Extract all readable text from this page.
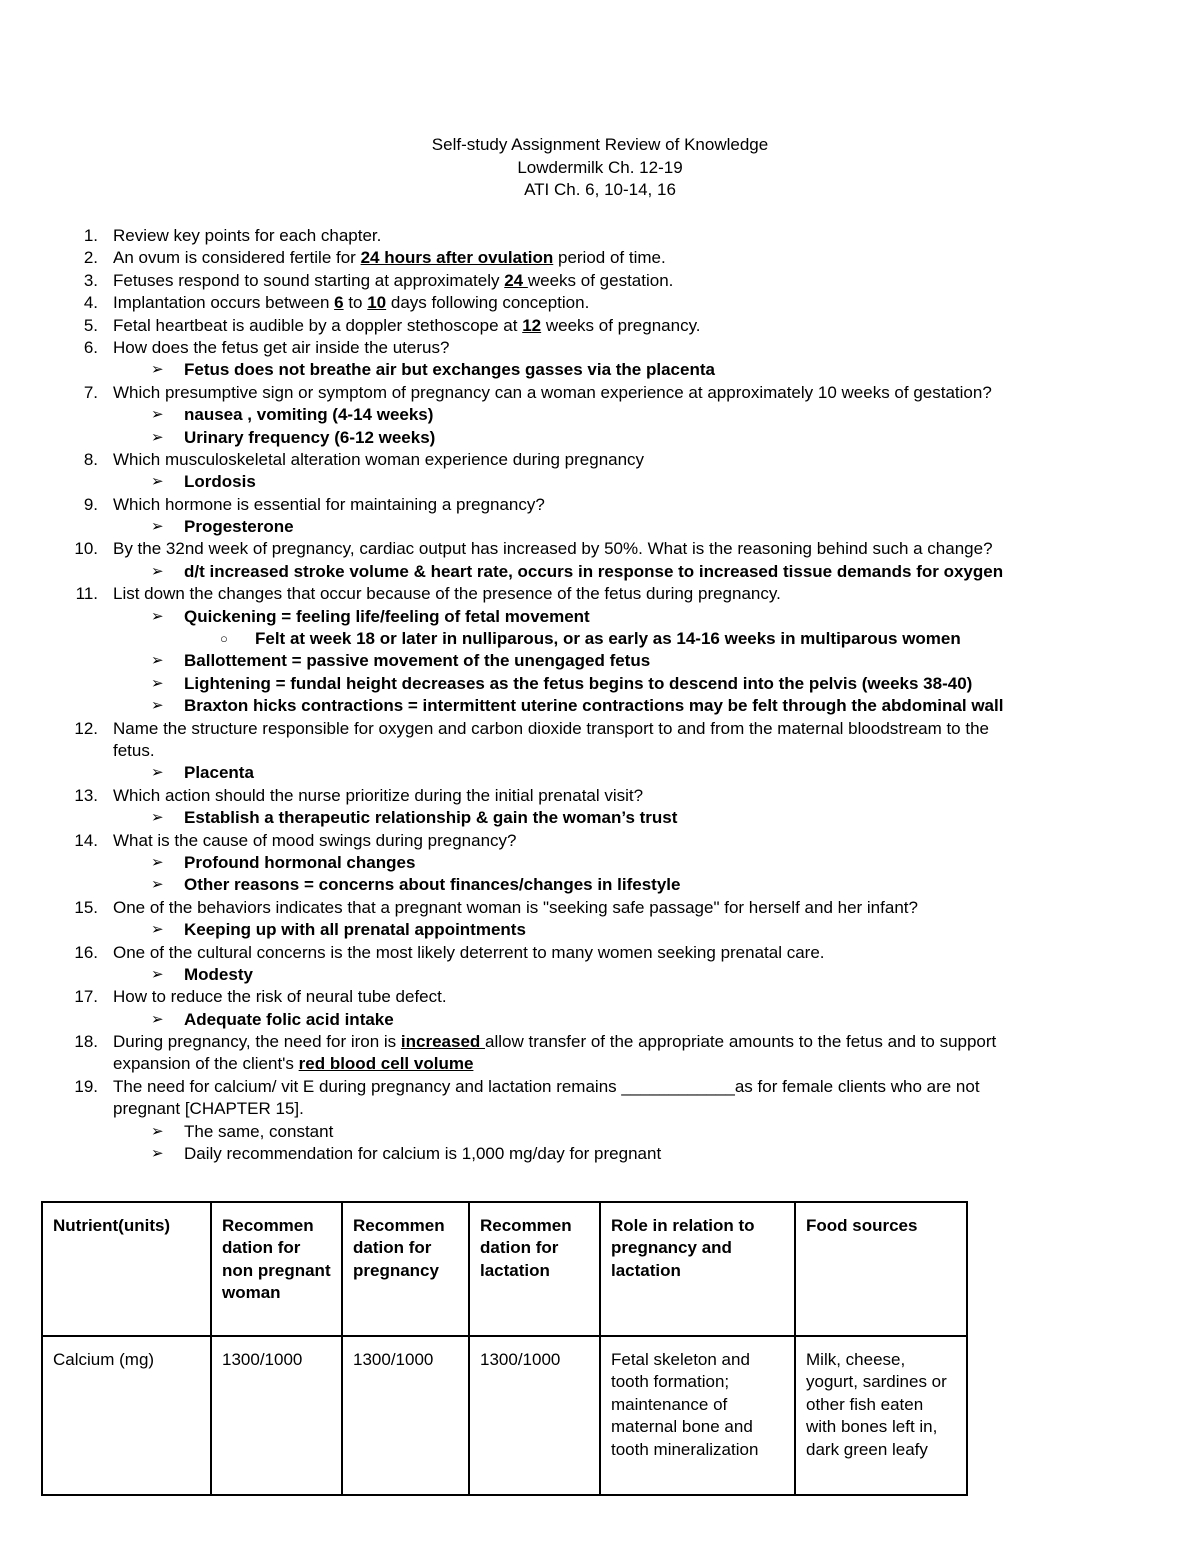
Self-study Assignment Review of Knowledge
Lowdermilk Ch. 12-19
ATI Ch. 6, 10-14, 16
1. Review key points for each chapter.
2. An ovum is considered fertile for 24 hours after ovulation period of time.
3. Fetuses respond to sound starting at approximately 24 weeks of gestation.
4. Implantation occurs between 6 to 10 days following conception.
5. Fetal heartbeat is audible by a doppler stethoscope at 12 weeks of pregnancy.
6. How does the fetus get air inside the uterus?
➢ Fetus does not breathe air but exchanges gasses via the placenta
7. Which presumptive sign or symptom of pregnancy can a woman experience at approximately 10 weeks of gestation?
➢ nausea , vomiting (4-14 weeks)
➢ Urinary frequency (6-12 weeks)
8. Which musculoskeletal alteration woman experience during pregnancy
➢ Lordosis
9. Which hormone is essential for maintaining a pregnancy?
➢ Progesterone
10. By the 32nd week of pregnancy, cardiac output has increased by 50%. What is the reasoning behind such a change?
➢ d/t increased stroke volume & heart rate, occurs in response to increased tissue demands for oxygen
11. List down the changes that occur because of the presence of the fetus during pregnancy.
➢ Quickening = feeling life/feeling of fetal movement
○ Felt at week 18 or later in nulliparous, or as early as 14-16 weeks in multiparous women
➢ Ballottement = passive movement of the unengaged fetus
➢ Lightening = fundal height decreases as the fetus begins to descend into the pelvis (weeks 38-40)
➢ Braxton hicks contractions = intermittent uterine contractions may be felt through the abdominal wall
12. Name the structure responsible for oxygen and carbon dioxide transport to and from the maternal bloodstream to the
fetus.
➢ Placenta
13. Which action should the nurse prioritize during the initial prenatal visit?
➢ Establish a therapeutic relationship & gain the woman’s trust
14. What is the cause of mood swings during pregnancy?
➢ Profound hormonal changes
➢ Other reasons = concerns about finances/changes in lifestyle
15. One of the behaviors indicates that a pregnant woman is "seeking safe passage" for herself and her infant?
➢ Keeping up with all prenatal appointments
16. One of the cultural concerns is the most likely deterrent to many women seeking prenatal care.
➢ Modesty
17. How to reduce the risk of neural tube defect.
➢ Adequate folic acid intake
18. During pregnancy, the need for iron is increased allow transfer of the appropriate amounts to the fetus and to support
expansion of the client's red blood cell volume
19. The need for calcium/ vit E during pregnancy and lactation remains ____________as for female clients who are not
pregnant [CHAPTER 15].
➢ The same, constant
➢ Daily recommendation for calcium is 1,000 mg/day for pregnant
Nutrient(units)	Recommen dation for non pregnant woman	Recommen dation for pregnancy	Recommen dation for lactation	Role in relation to pregnancy and lactation	Food sources
Calcium (mg)	1300/1000	1300/1000	1300/1000	Fetal skeleton and tooth formation; maintenance of maternal bone and tooth mineralization	Milk, cheese, yogurt, sardines or other fish eaten with bones left in, dark green leafy
